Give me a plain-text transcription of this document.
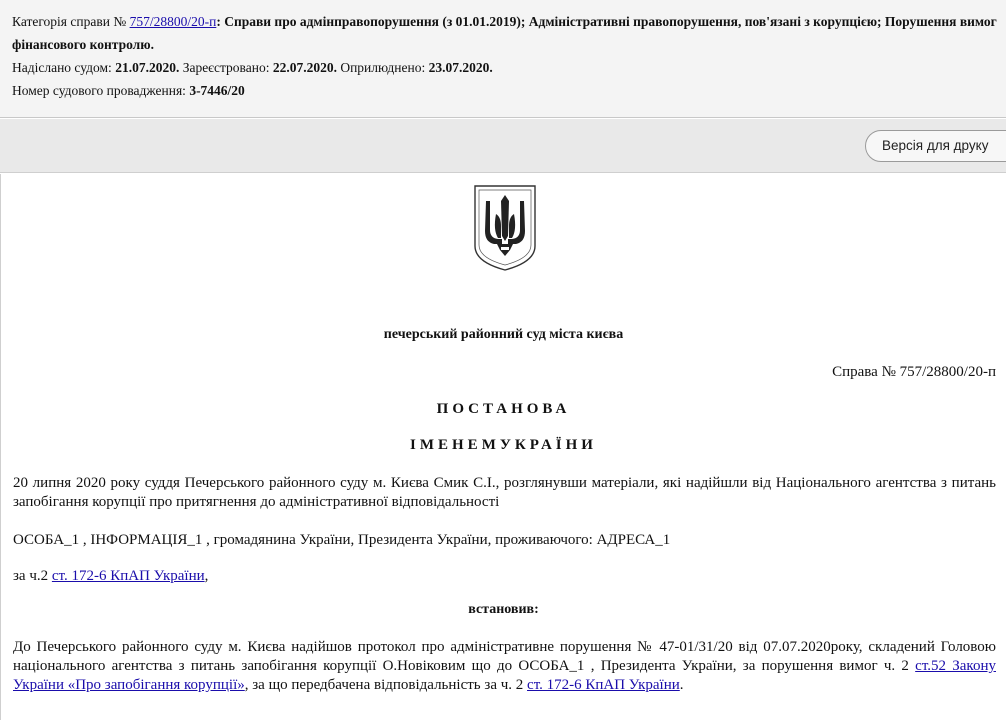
Категорія справи № 757/28800/20-п: Справи про адмінправопорушення (з 01.01.2019); Адміністративні правопорушення, пов'язані з корупцією; Порушення вимог фінансового контролю.
Надіслано судом: 21.07.2020. Зареєстровано: 22.07.2020. Оприлюднено: 23.07.2020.
Номер судового провадження: 3-7446/20
Версія для друку
печерський районний суд міста києва
Справа № 757/28800/20-п
ПОСТАНОВА
ІМЕНЕМУКРАЇНИ
20 липня 2020 року суддя Печерського районного суду м. Києва Смик С.І., розглянувши матеріали, які надійшли від Національного агентства з питань запобігання корупції про притягнення до адміністративної відповідальності
ОСОБА_1 , ІНФОРМАЦІЯ_1 , громадянина України, Президента України, проживаючого: АДРЕСА_1
за ч.2 ст. 172-6 КпАП України,
встановив:
До Печерського районного суду м. Києва надійшов протокол про адміністративне порушення № 47-01/31/20 від 07.07.2020року, складений Головою національного агентства з питань запобігання корупції О.Новіковим що до ОСОБА_1 , Президента України, за порушення вимог ч. 2 ст.52 Закону України «Про запобігання корупції», за що передбачена відповідальність за ч. 2 ст. 172-6 КпАП України.
